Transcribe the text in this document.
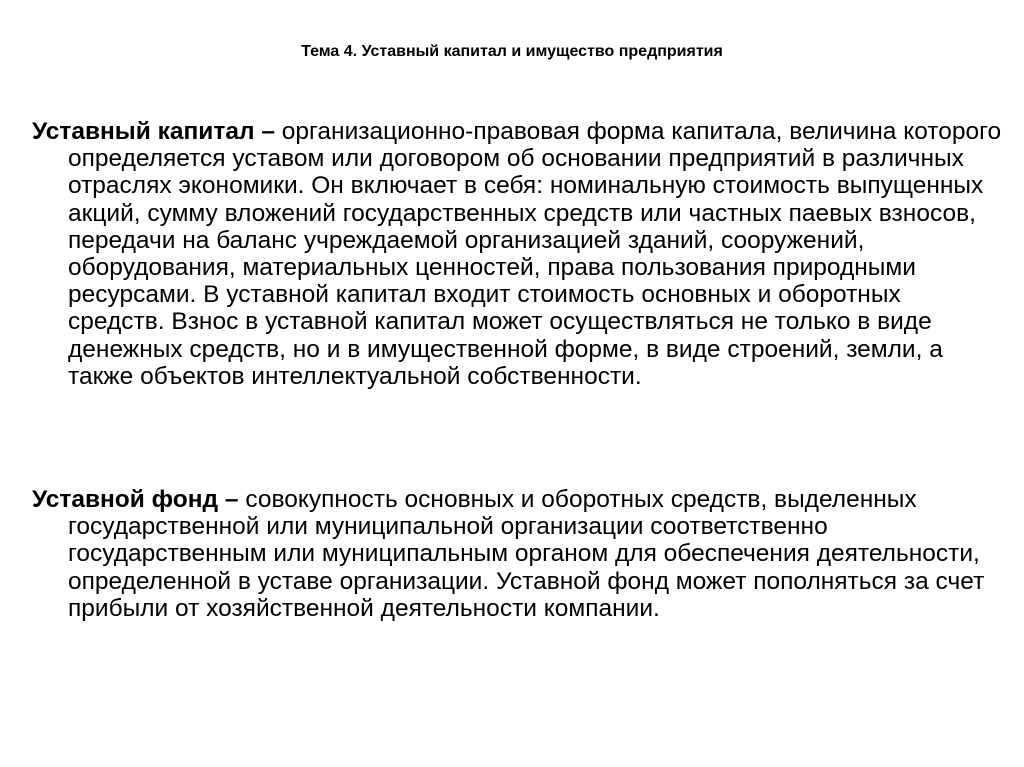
Тема 4. Уставный капитал и имущество предприятия
Уставный капитал – организационно-правовая форма капитала, величина которого определяется уставом или договором об основании предприятий в различных отраслях экономики. Он включает в себя: номинальную стоимость выпущенных акций, сумму вложений государственных средств или частных паевых взносов, передачи на баланс учреждаемой организацией зданий, сооружений, оборудования, материальных ценностей, права пользования природными ресурсами. В уставной капитал входит стоимость основных и оборотных средств. Взнос в уставной капитал может осуществляться не только в виде денежных средств, но и в имущественной форме, в виде строений, земли, а также объектов интеллектуальной собственности.
Уставной фонд – совокупность основных и оборотных средств, выделенных государственной или муниципальной организации соответственно государственным или муниципальным органом для обеспечения деятельности, определенной в уставе организации. Уставной фонд может пополняться за счет прибыли от хозяйственной деятельности компании.
